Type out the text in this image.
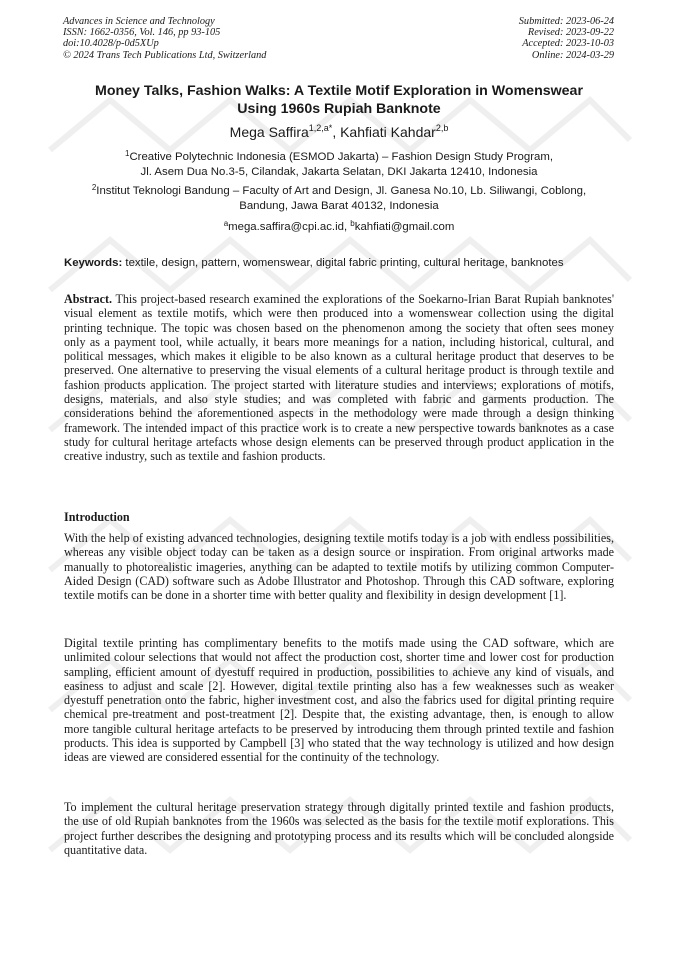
Advances in Science and Technology
ISSN: 1662-0356, Vol. 146, pp 93-105
doi:10.4028/p-0d5XUp
© 2024 Trans Tech Publications Ltd, Switzerland
Submitted: 2023-06-24
Revised: 2023-09-22
Accepted: 2023-10-03
Online: 2024-03-29
Money Talks, Fashion Walks: A Textile Motif Exploration in Womenswear
Using 1960s Rupiah Banknote
Mega Saffira$^{1,2,a*}$, Kahfiati Kahdar$^{2,b}$
$^1$Creative Polytechnic Indonesia (ESMOD Jakarta) – Fashion Design Study Program,
Jl. Asem Dua No.3-5, Cilandak, Jakarta Selatan, DKI Jakarta 12410, Indonesia
$^2$Institut Teknologi Bandung – Faculty of Art and Design, Jl. Ganesa No.10, Lb. Siliwangi, Coblong,
Bandung, Jawa Barat 40132, Indonesia
$^a$mega.saffira@cpi.ac.id, $^b$kahfiati@gmail.com
Keywords: textile, design, pattern, womenswear, digital fabric printing, cultural heritage, banknotes
Abstract. This project-based research examined the explorations of the Soekarno-Irian Barat Rupiah banknotes' visual element as textile motifs, which were then produced into a womenswear collection using the digital printing technique. The topic was chosen based on the phenomenon among the society that often sees money only as a payment tool, while actually, it bears more meanings for a nation, including historical, cultural, and political messages, which makes it eligible to be also known as a cultural heritage product that deserves to be preserved. One alternative to preserving the visual elements of a cultural heritage product is through textile and fashion products application. The project started with literature studies and interviews; explorations of motifs, designs, materials, and also style studies; and was completed with fabric and garments production. The considerations behind the aforementioned aspects in the methodology were made through a design thinking framework. The intended impact of this practice work is to create a new perspective towards banknotes as a case study for cultural heritage artefacts whose design elements can be preserved through product application in the creative industry, such as textile and fashion products.
Introduction
With the help of existing advanced technologies, designing textile motifs today is a job with endless possibilities, whereas any visible object today can be taken as a design source or inspiration. From original artworks made manually to photorealistic imageries, anything can be adapted to textile motifs by utilizing common Computer-Aided Design (CAD) software such as Adobe Illustrator and Photoshop. Through this CAD software, exploring textile motifs can be done in a shorter time with better quality and flexibility in design development [1].
Digital textile printing has complimentary benefits to the motifs made using the CAD software, which are unlimited colour selections that would not affect the production cost, shorter time and lower cost for production sampling, efficient amount of dyestuff required in production, possibilities to achieve any kind of visuals, and easiness to adjust and scale [2]. However, digital textile printing also has a few weaknesses such as weaker dyestuff penetration onto the fabric, higher investment cost, and also the fabrics used for digital printing require chemical pre-treatment and post-treatment [2]. Despite that, the existing advantage, then, is enough to allow more tangible cultural heritage artefacts to be preserved by introducing them through printed textile and fashion products. This idea is supported by Campbell [3] who stated that the way technology is utilized and how design ideas are viewed are considered essential for the continuity of the technology.
To implement the cultural heritage preservation strategy through digitally printed textile and fashion products, the use of old Rupiah banknotes from the 1960s was selected as the basis for the textile motif explorations. This project further describes the designing and prototyping process and its results which will be concluded alongside quantitative data.
